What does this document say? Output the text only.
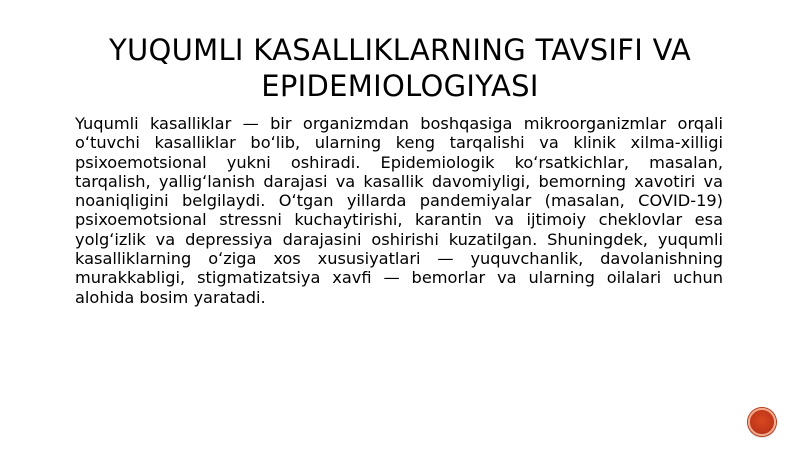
YUQUMLI KASALLIKLARNING TAVSIFI VA EPIDEMIOLOGIYASI

Yuqumli kasalliklar — bir organizmdan boshqasiga mikroorganizmlar orqali oʻtuvchi kasalliklar boʻlib, ularning keng tarqalishi va klinik xilma-xilligi psixoemotsional yukni oshiradi. Epidemiologik koʻrsatkichlar, masalan, tarqalish, yalligʻlanish darajasi va kasallik davomiyligi, bemorning xavotiri va noaniqligini belgilaydi. Oʻtgan yillarda pandemiyalar (masalan, COVID-19) psixoemotsional stressni kuchaytirishi, karantin va ijtimoiy cheklovlar esa yolgʻizlik va depressiya darajasini oshirishi kuzatilgan. Shuningdek, yuqumli kasalliklarning oʻziga xos xususiyatlari — yuquvchanlik, davolanishning murakkabligi, stigmatizatsiya xavfi — bemorlar va ularning oilalari uchun alohida bosim yaratadi.
